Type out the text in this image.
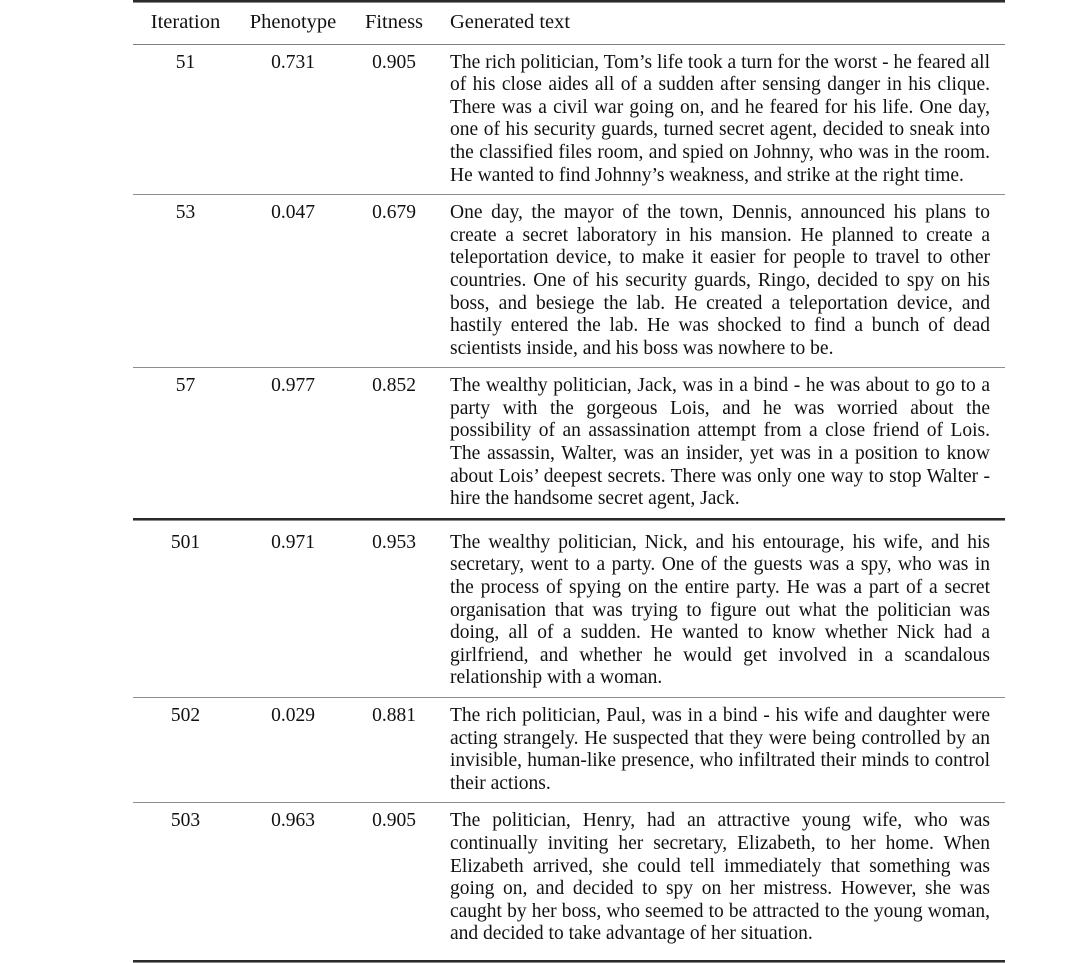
Iteration	Phenotype	Fitness	Generated text

51	0.731	0.905	The rich politician, Tom’s life took a turn for the worst - he feared all of his close aides all of a sudden after sensing danger in his clique. There was a civil war going on, and he feared for his life. One day, one of his security guards, turned secret agent, decided to sneak into the classified files room, and spied on Johnny, who was in the room. He wanted to find Johnny’s weakness, and strike at the right time.

53	0.047	0.679	One day, the mayor of the town, Dennis, announced his plans to create a secret laboratory in his mansion. He planned to create a teleportation device, to make it easier for people to travel to other countries. One of his security guards, Ringo, decided to spy on his boss, and besiege the lab. He created a teleportation device, and hastily entered the lab. He was shocked to find a bunch of dead scientists inside, and his boss was nowhere to be.

57	0.977	0.852	The wealthy politician, Jack, was in a bind - he was about to go to a party with the gorgeous Lois, and he was worried about the possibility of an assassination attempt from a close friend of Lois. The assassin, Walter, was an insider, yet was in a position to know about Lois’ deepest secrets. There was only one way to stop Walter - hire the handsome secret agent, Jack.

501	0.971	0.953	The wealthy politician, Nick, and his entourage, his wife, and his secretary, went to a party. One of the guests was a spy, who was in the process of spying on the entire party. He was a part of a secret organisation that was trying to figure out what the politician was doing, all of a sudden. He wanted to know whether Nick had a girlfriend, and whether he would get involved in a scandalous relationship with a woman.

502	0.029	0.881	The rich politician, Paul, was in a bind - his wife and daughter were acting strangely. He suspected that they were being controlled by an invisible, human-like presence, who infiltrated their minds to control their actions.

503	0.963	0.905	The politician, Henry, had an attractive young wife, who was continually inviting her secretary, Elizabeth, to her home. When Elizabeth arrived, she could tell immediately that something was going on, and decided to spy on her mistress. However, she was caught by her boss, who seemed to be attracted to the young woman, and decided to take advantage of her situation.
